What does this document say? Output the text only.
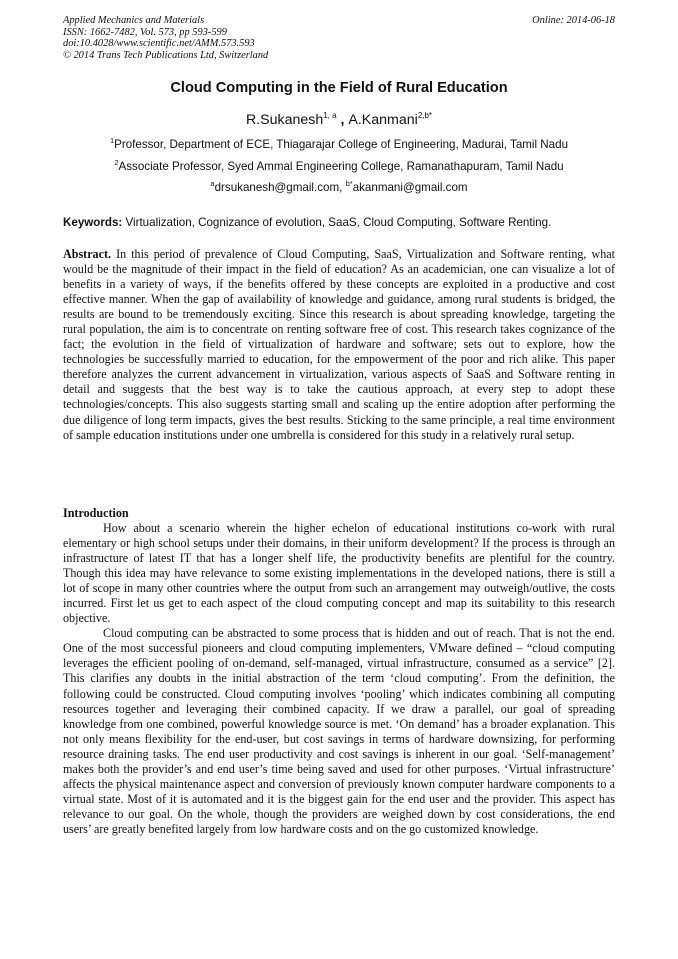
Applied Mechanics and Materials
ISSN: 1662-7482, Vol. 573, pp 593-599
doi:10.4028/www.scientific.net/AMM.573.593
© 2014 Trans Tech Publications Ltd, Switzerland
Online: 2014-06-18
Cloud Computing in the Field of Rural Education
R.Sukanesh$^{1, a}$ , A.Kanmani$^{2,b*}$
$^1$Professor, Department of ECE, Thiagarajar College of Engineering, Madurai, Tamil Nadu
$^2$Associate Professor, Syed Ammal Engineering College, Ramanathapuram, Tamil Nadu
$^a$drsukanesh@gmail.com, $^{b*}$akanmani@gmail.com
Keywords: Virtualization, Cognizance of evolution, SaaS, Cloud Computing, Software Renting.

Abstract. In this period of prevalence of Cloud Computing, SaaS, Virtualization and Software renting, what would be the magnitude of their impact in the field of education? As an academician, one can visualize a lot of benefits in a variety of ways, if the benefits offered by these concepts are exploited in a productive and cost effective manner. When the gap of availability of knowledge and guidance, among rural students is bridged, the results are bound to be tremendously exciting. Since this research is about spreading knowledge, targeting the rural population, the aim is to concentrate on renting software free of cost. This research takes cognizance of the fact; the evolution in the field of virtualization of hardware and software; sets out to explore, how the technologies be successfully married to education, for the empowerment of the poor and rich alike. This paper therefore analyzes the current advancement in virtualization, various aspects of SaaS and Software renting in detail and suggests that the best way is to take the cautious approach, at every step to adopt these technologies/concepts. This also suggests starting small and scaling up the entire adoption after performing the due diligence of long term impacts, gives the best results. Sticking to the same principle, a real time environment of sample education institutions under one umbrella is considered for this study in a relatively rural setup.

Introduction

How about a scenario wherein the higher echelon of educational institutions co-work with rural elementary or high school setups under their domains, in their uniform development? If the process is through an infrastructure of latest IT that has a longer shelf life, the productivity benefits are plentiful for the country. Though this idea may have relevance to some existing implementations in the developed nations, there is still a lot of scope in many other countries where the output from such an arrangement may outweigh/outlive, the costs incurred. First let us get to each aspect of the cloud computing concept and map its suitability to this research objective.

Cloud computing can be abstracted to some process that is hidden and out of reach. That is not the end. One of the most successful pioneers and cloud computing implementers, VMware defined – “cloud computing leverages the efficient pooling of on-demand, self-managed, virtual infrastructure, consumed as a service” [2]. This clarifies any doubts in the initial abstraction of the term ‘cloud computing’. From the definition, the following could be constructed. Cloud computing involves ‘pooling’ which indicates combining all computing resources together and leveraging their combined capacity. If we draw a parallel, our goal of spreading knowledge from one combined, powerful knowledge source is met. ‘On demand’ has a broader explanation. This not only means flexibility for the end-user, but cost savings in terms of hardware downsizing, for performing resource draining tasks. The end user productivity and cost savings is inherent in our goal. ‘Self-management’ makes both the provider’s and end user’s time being saved and used for other purposes. ‘Virtual infrastructure’ affects the physical maintenance aspect and conversion of previously known computer hardware components to a virtual state. Most of it is automated and it is the biggest gain for the end user and the provider. This aspect has relevance to our goal. On the whole, though the providers are weighed down by cost considerations, the end users’ are greatly benefited largely from low hardware costs and on the go customized knowledge.
